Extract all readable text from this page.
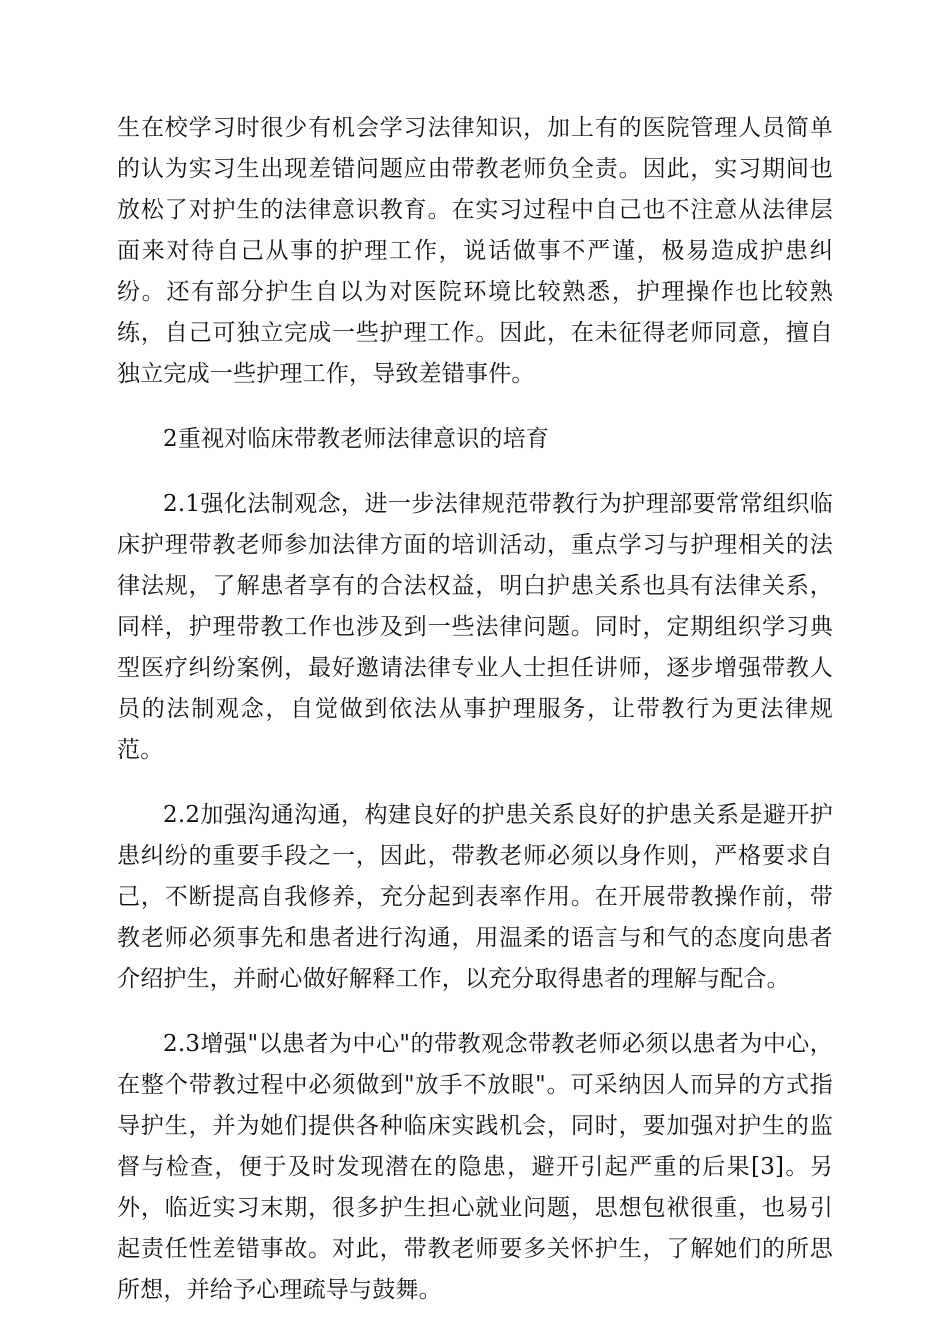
生在校学习时很少有机会学习法律知识，加上有的医院管理人员简单的认为实习生出现差错问题应由带教老师负全责。因此，实习期间也放松了对护生的法律意识教育。在实习过程中自己也不注意从法律层面来对待自己从事的护理工作，说话做事不严谨，极易造成护患纠纷。还有部分护生自以为对医院环境比较熟悉，护理操作也比较熟练，自己可独立完成一些护理工作。因此，在未征得老师同意，擅自独立完成一些护理工作，导致差错事件。

2重视对临床带教老师法律意识的培育

2.1强化法制观念，进一步法律规范带教行为护理部要常常组织临床护理带教老师参加法律方面的培训活动，重点学习与护理相关的法律法规，了解患者享有的合法权益，明白护患关系也具有法律关系，同样，护理带教工作也涉及到一些法律问题。同时，定期组织学习典型医疗纠纷案例，最好邀请法律专业人士担任讲师，逐步增强带教人员的法制观念，自觉做到依法从事护理服务，让带教行为更法律规范。

2.2加强沟通沟通，构建良好的护患关系良好的护患关系是避开护患纠纷的重要手段之一，因此，带教老师必须以身作则，严格要求自己，不断提高自我修养，充分起到表率作用。在开展带教操作前，带教老师必须事先和患者进行沟通，用温柔的语言与和气的态度向患者介绍护生，并耐心做好解释工作，以充分取得患者的理解与配合。

2.3增强"以患者为中心"的带教观念带教老师必须以患者为中心，在整个带教过程中必须做到"放手不放眼"。可采纳因人而异的方式指导护生，并为她们提供各种临床实践机会，同时，要加强对护生的监督与检查，便于及时发现潜在的隐患，避开引起严重的后果[3]。另外，临近实习末期，很多护生担心就业问题，思想包袱很重，也易引起责任性差错事故。对此，带教老师要多关怀护生，了解她们的所思所想，并给予心理疏导与鼓舞。
